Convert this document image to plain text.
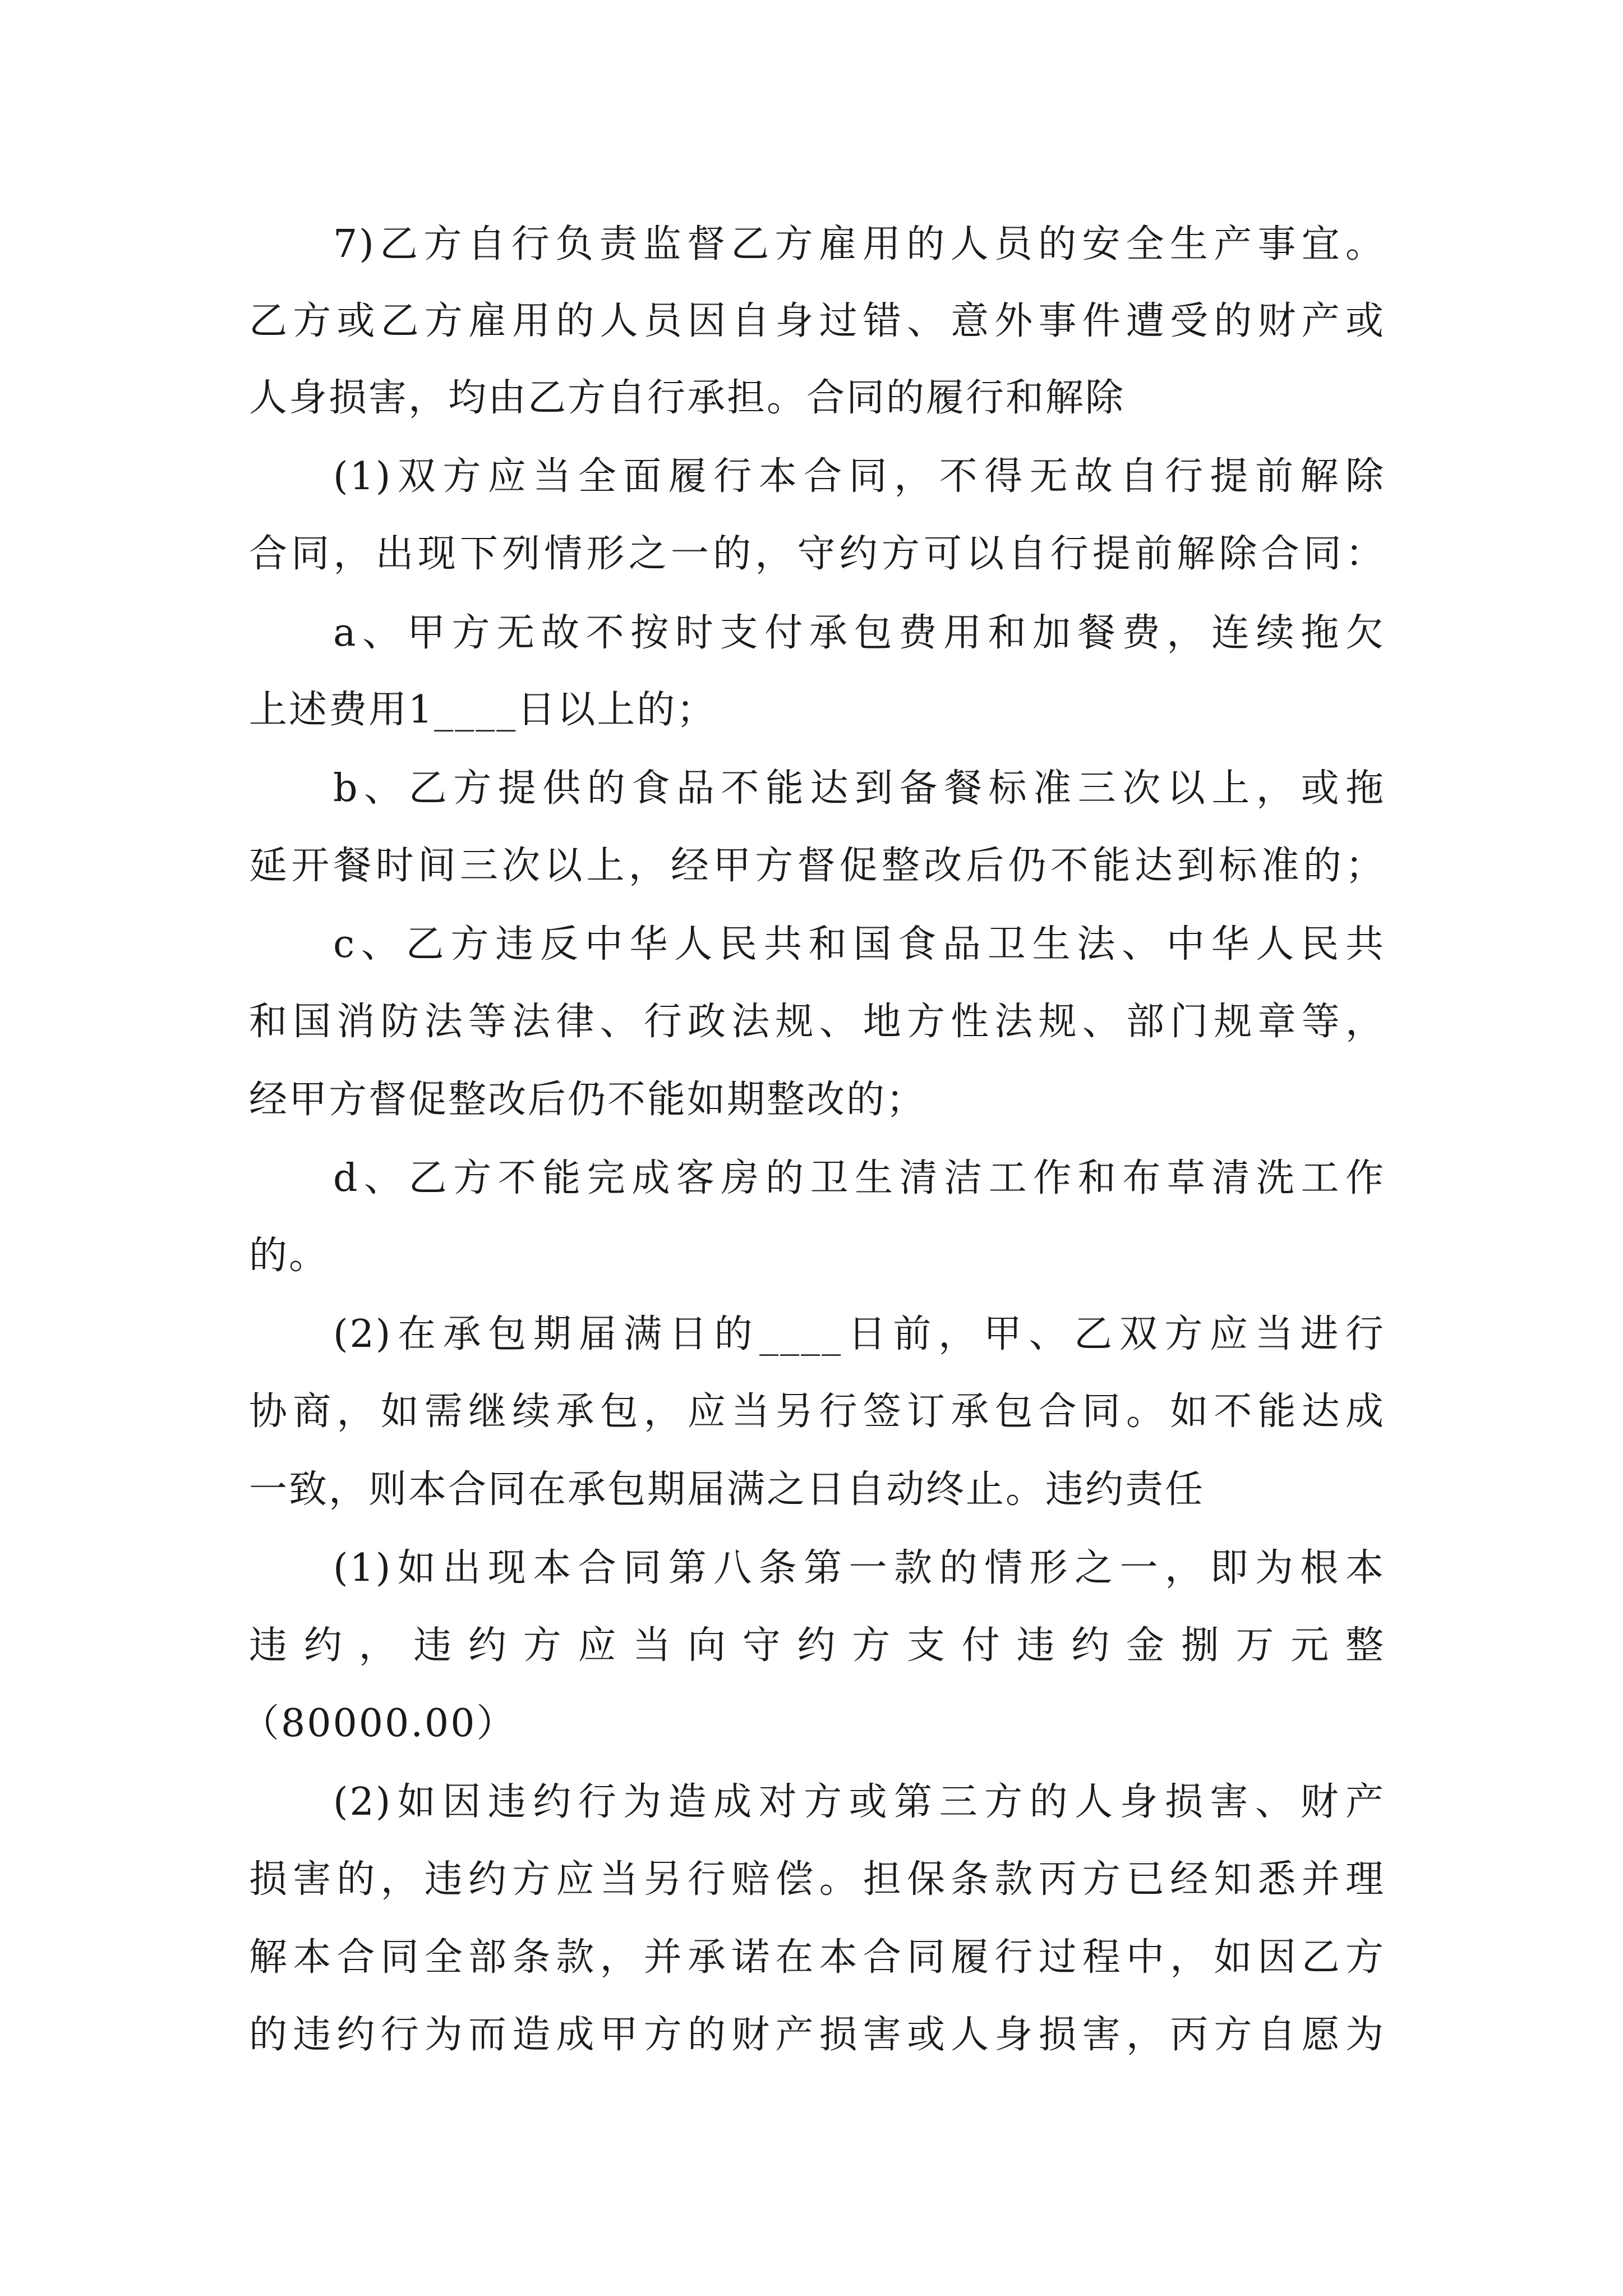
7)乙方自行负责监督乙方雇用的人员的安全生产事宜。
乙方或乙方雇用的人员因自身过错、意外事件遭受的财产或
人身损害，均由乙方自行承担。合同的履行和解除
(1)双方应当全面履行本合同，不得无故自行提前解除
合同，出现下列情形之一的，守约方可以自行提前解除合同：
a、甲方无故不按时支付承包费用和加餐费，连续拖欠
上述费用1____日以上的；
b、乙方提供的食品不能达到备餐标准三次以上，或拖
延开餐时间三次以上，经甲方督促整改后仍不能达到标准的；
c、乙方违反中华人民共和国食品卫生法、中华人民共
和国消防法等法律、行政法规、地方性法规、部门规章等，
经甲方督促整改后仍不能如期整改的；
d、乙方不能完成客房的卫生清洁工作和布草清洗工作
的。
(2)在承包期届满日的____日前，甲、乙双方应当进行
协商，如需继续承包，应当另行签订承包合同。如不能达成
一致，则本合同在承包期届满之日自动终止。违约责任
(1)如出现本合同第八条第一款的情形之一，即为根本
违约，违约方应当向守约方支付违约金捌万元整
（80000.00）
(2)如因违约行为造成对方或第三方的人身损害、财产
损害的，违约方应当另行赔偿。担保条款丙方已经知悉并理
解本合同全部条款，并承诺在本合同履行过程中，如因乙方
的违约行为而造成甲方的财产损害或人身损害，丙方自愿为
